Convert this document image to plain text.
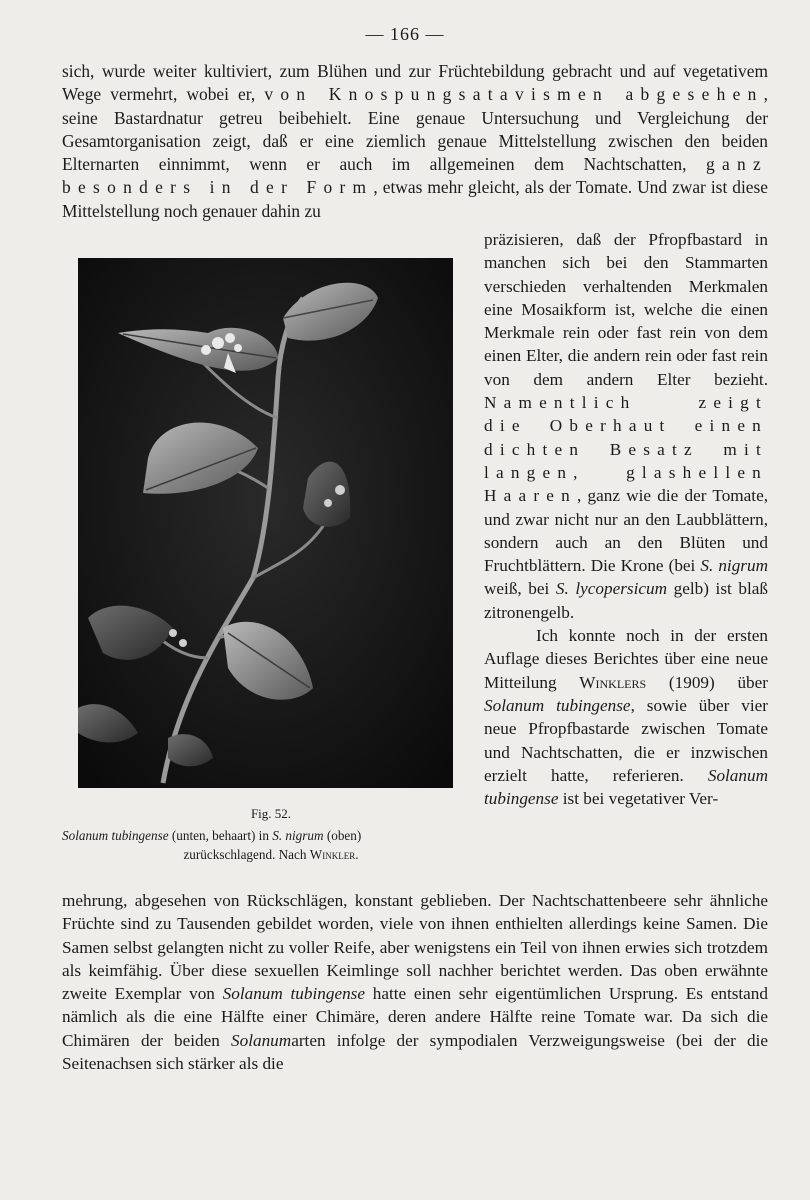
— 166 —
sich, wurde weiter kultiviert, zum Blühen und zur Früchtebildung gebracht und auf vegetativem Wege vermehrt, wobei er, von Knospungsatavismen abgesehen, seine Bastardnatur getreu beibehielt. Eine genaue Untersuchung und Vergleichung der Gesamtorganisation zeigt, daß er eine ziemlich genaue Mittelstellung zwischen den beiden Elternarten einnimmt, wenn er auch im allgemeinen dem Nachtschatten, ganz besonders in der Form, etwas mehr gleicht, als der Tomate. Und zwar ist diese Mittelstellung noch genauer dahin zu
Fig. 52.
Solanum tubingense (unten, behaart) in S. nigrum (oben)
zurückschlagend. Nach Winkler.

präzisieren, daß der Pfropfbastard in manchen sich bei den Stammarten verschieden verhaltenden Merkmalen eine Mosaikform ist, welche die einen Merkmale rein oder fast rein von dem einen Elter, die andern rein oder fast rein von dem andern Elter bezieht. Namentlich zeigt die Oberhaut einen dichten Besatz mit langen, glashellen Haaren, ganz wie die der Tomate, und zwar nicht nur an den Laubblättern, sondern auch an den Blüten und Fruchtblättern. Die Krone (bei S. nigrum weiß, bei S. lycopersicum gelb) ist blaß zitronengelb.

Ich konnte noch in der ersten Auflage dieses Berichtes über eine neue Mitteilung Winklers (1909) über Solanum tubingense, sowie über vier neue Pfropfbastarde zwischen Tomate und Nachtschatten, die er inzwischen erzielt hatte, referieren. Solanum tubingense ist bei vegetativer Ver-

mehrung, abgesehen von Rückschlägen, konstant geblieben. Der Nachtschattenbeere sehr ähnliche Früchte sind zu Tausenden gebildet worden, viele von ihnen enthielten allerdings keine Samen. Die Samen selbst gelangten nicht zu voller Reife, aber wenigstens ein Teil von ihnen erwies sich trotzdem als keimfähig. Über diese sexuellen Keimlinge soll nachher berichtet werden. Das oben erwähnte zweite Exemplar von Solanum tubingense hatte einen sehr eigentümlichen Ursprung. Es entstand nämlich als die eine Hälfte einer Chimäre, deren andere Hälfte reine Tomate war. Da sich die Chimären der beiden Solanumarten infolge der sympodialen Verzweigungsweise (bei der die Seitenachsen sich stärker als die
